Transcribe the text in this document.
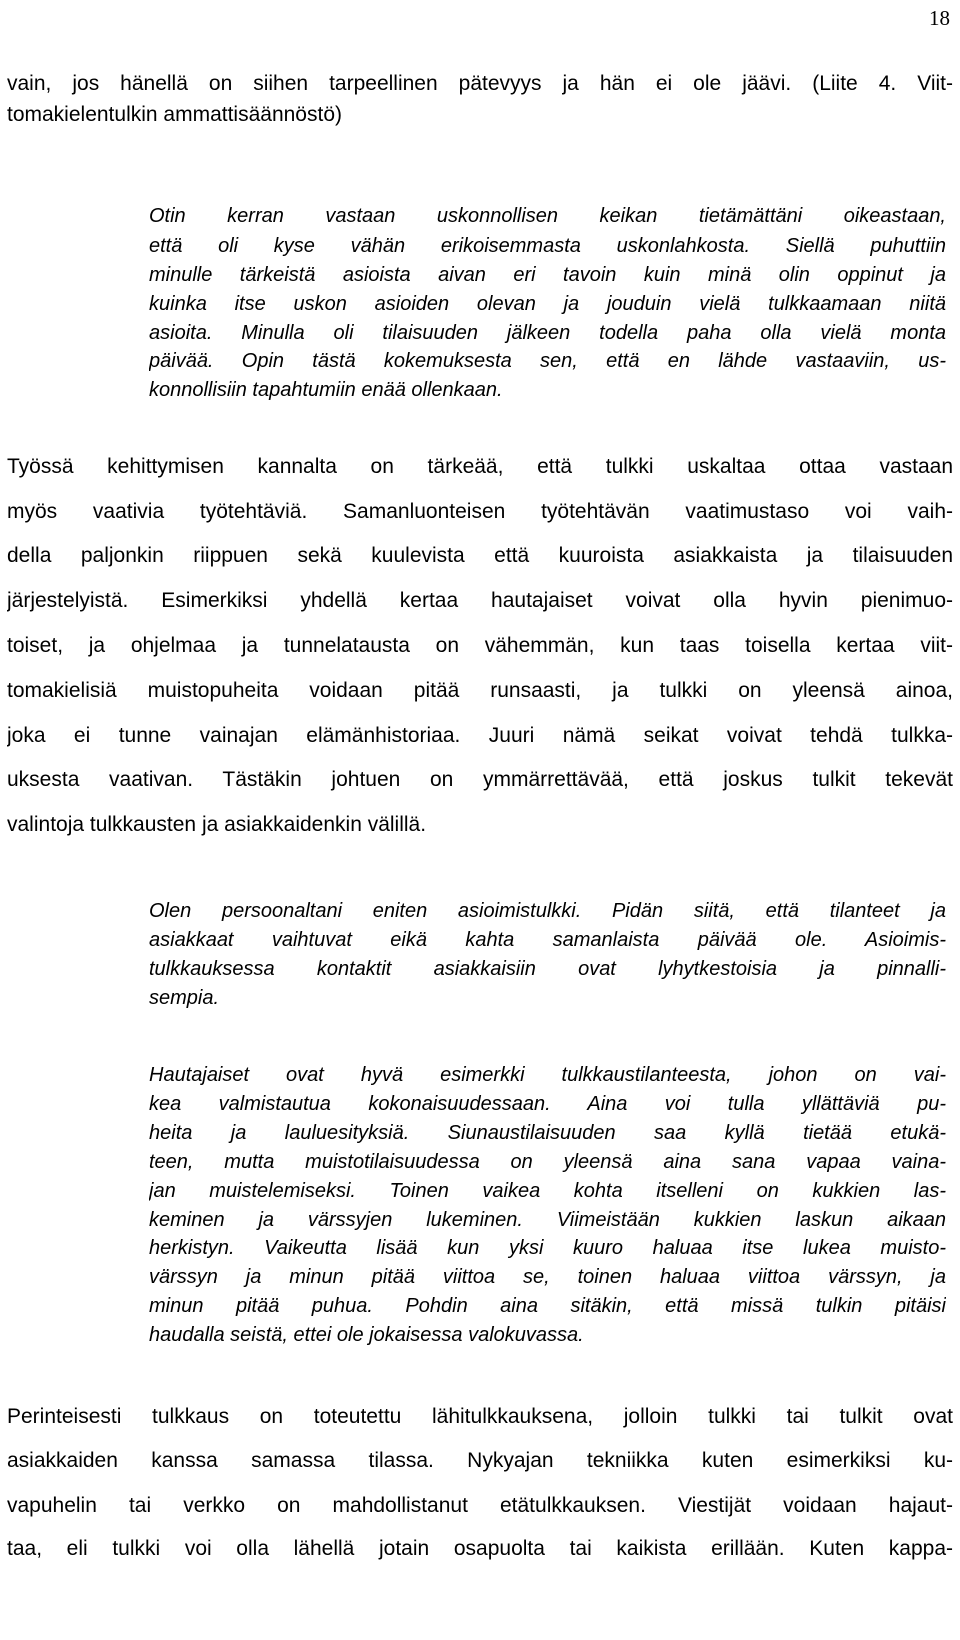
18
vain, jos hänellä on siihen tarpeellinen pätevyys ja hän ei ole jäävi. (Liite 4. Viit-
tomakielentulkin ammattisäännöstö)
Otin kerran vastaan uskonnollisen keikan tietämättäni oikeastaan,
että oli kyse vähän erikoisemmasta uskonlahkosta. Siellä puhuttiin
minulle tärkeistä asioista aivan eri tavoin kuin minä olin oppinut ja
kuinka itse uskon asioiden olevan ja jouduin vielä tulkkaamaan niitä
asioita. Minulla oli tilaisuuden jälkeen todella paha olla vielä monta
päivää. Opin tästä kokemuksesta sen, että en lähde vastaaviin, us-
konnollisiin tapahtumiin enää ollenkaan.
Työssä kehittymisen kannalta on tärkeää, että tulkki uskaltaa ottaa vastaan
myös vaativia työtehtäviä. Samanluonteisen työtehtävän vaatimustaso voi vaih-
della paljonkin riippuen sekä kuulevista että kuuroista asiakkaista ja tilaisuuden
järjestelyistä. Esimerkiksi yhdellä kertaa hautajaiset voivat olla hyvin pienimuo-
toiset, ja ohjelmaa ja tunnelatausta on vähemmän, kun taas toisella kertaa viit-
tomakielisiä muistopuheita voidaan pitää runsaasti, ja tulkki on yleensä ainoa,
joka ei tunne vainajan elämänhistoriaa. Juuri nämä seikat voivat tehdä tulkka-
uksesta vaativan. Tästäkin johtuen on ymmärrettävää, että joskus tulkit tekevät
valintoja tulkkausten ja asiakkaidenkin välillä.
Olen persoonaltani eniten asioimistulkki. Pidän siitä, että tilanteet ja
asiakkaat vaihtuvat eikä kahta samanlaista päivää ole. Asioimis-
tulkkauksessa kontaktit asiakkaisiin ovat lyhytkestoisia ja pinnalli-
sempia.
Hautajaiset ovat hyvä esimerkki tulkkaustilanteesta, johon on vai-
kea valmistautua kokonaisuudessaan. Aina voi tulla yllättäviä pu-
heita ja lauluesityksiä. Siunaustilaisuuden saa kyllä tietää etukä-
teen, mutta muistotilaisuudessa on yleensä aina sana vapaa vaina-
jan muistelemiseksi. Toinen vaikea kohta itselleni on kukkien las-
keminen ja värssyjen lukeminen. Viimeistään kukkien laskun aikaan
herkistyn. Vaikeutta lisää kun yksi kuuro haluaa itse lukea muisto-
värssyn ja minun pitää viittoa se, toinen haluaa viittoa värssyn, ja
minun pitää puhua. Pohdin aina sitäkin, että missä tulkin pitäisi
haudalla seistä, ettei ole jokaisessa valokuvassa.
Perinteisesti tulkkaus on toteutettu lähitulkkauksena, jolloin tulkki tai tulkit ovat
asiakkaiden kanssa samassa tilassa. Nykyajan tekniikka kuten esimerkiksi ku-
vapuhelin tai verkko on mahdollistanut etätulkkauksen. Viestijät voidaan hajaut-
taa, eli tulkki voi olla lähellä jotain osapuolta tai kaikista erillään. Kuten kappa-
